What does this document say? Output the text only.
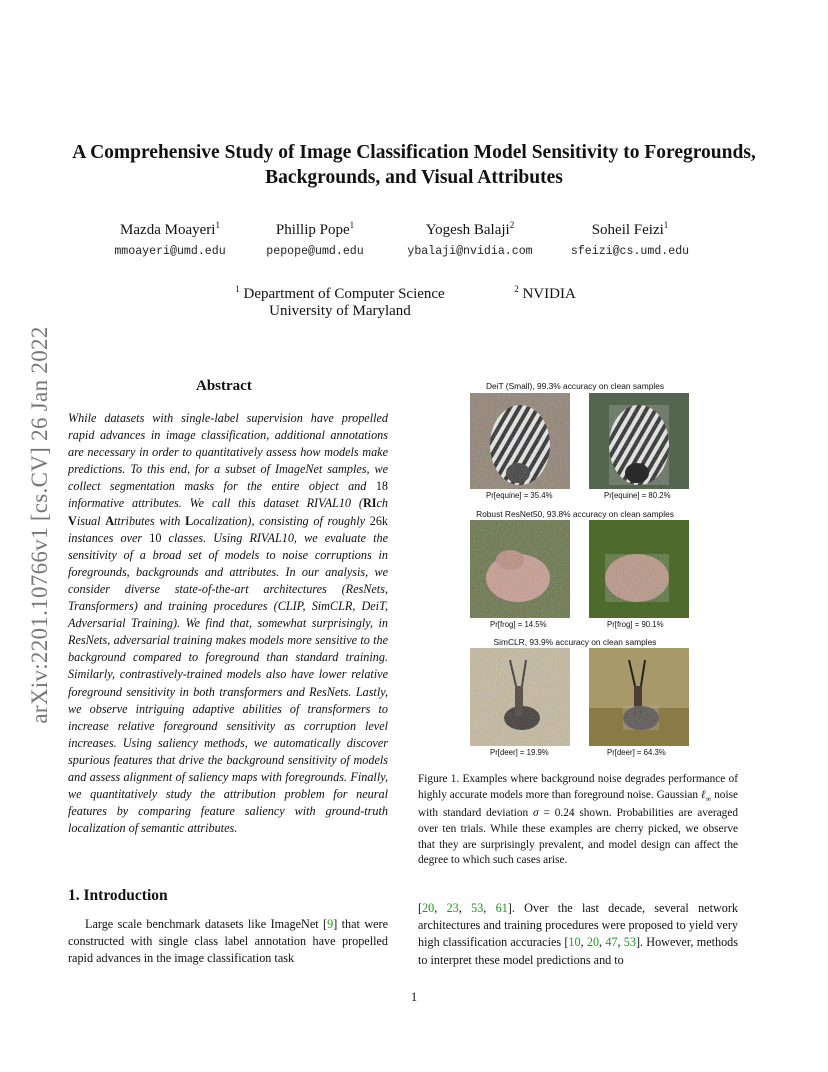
arXiv:2201.10766v1 [cs.CV] 26 Jan 2022
A Comprehensive Study of Image Classification Model Sensitivity to Foregrounds, Backgrounds, and Visual Attributes
Mazda Moayeri$^1$
mmoayeri@umd.edu
Phillip Pope$^1$
pepope@umd.edu
Yogesh Balaji$^2$
ybalaji@nvidia.com
Soheil Feizi$^1$
sfeizi@cs.umd.edu
$^1$ Department of Computer Science
University of Maryland
$^2$ NVIDIA
Abstract
While datasets with single-label supervision have propelled rapid advances in image classification, additional annotations are necessary in order to quantitatively assess how models make predictions. To this end, for a subset of ImageNet samples, we collect segmentation masks for the entire object and 18 informative attributes. We call this dataset RIVAL10 (RIch Visual Attributes with Localization), consisting of roughly 26k instances over 10 classes. Using RIVAL10, we evaluate the sensitivity of a broad set of models to noise corruptions in foregrounds, backgrounds and attributes. In our analysis, we consider diverse state-of-the-art architectures (ResNets, Transformers) and training procedures (CLIP, SimCLR, DeiT, Adversarial Training). We find that, somewhat surprisingly, in ResNets, adversarial training makes models more sensitive to the background compared to foreground than standard training. Similarly, contrastively-trained models also have lower relative foreground sensitivity in both transformers and ResNets. Lastly, we observe intriguing adaptive abilities of transformers to increase relative foreground sensitivity as corruption level increases. Using saliency methods, we automatically discover spurious features that drive the background sensitivity of models and assess alignment of saliency maps with foregrounds. Finally, we quantitatively study the attribution problem for neural features by comparing feature saliency with ground-truth localization of semantic attributes.
DeiT (Small), 99.3% accuracy on clean samples
Pr[equine] = 35.4%	Pr[equine] = 80.2%
Robust ResNet50, 93.8% accuracy on clean samples
Pr[frog] = 14.5%	Pr[frog] = 90.1%
SimCLR, 93.9% accuracy on clean samples
Pr[deer] = 19.9%	Pr[deer] = 64.3%
Figure 1. Examples where background noise degrades performance of highly accurate models more than foreground noise. Gaussian ℓ$_\infty$ noise with standard deviation σ = 0.24 shown. Probabilities are averaged over ten trials. While these examples are cherry picked, we observe that they are surprisingly prevalent, and model design can affect the degree to which such cases arise.
1. Introduction
Large scale benchmark datasets like ImageNet [9] that were constructed with single class label annotation have propelled rapid advances in the image classification task
[20, 23, 53, 61]. Over the last decade, several network architectures and training procedures were proposed to yield very high classification accuracies [10, 20, 47, 53]. However, methods to interpret these model predictions and to
1
